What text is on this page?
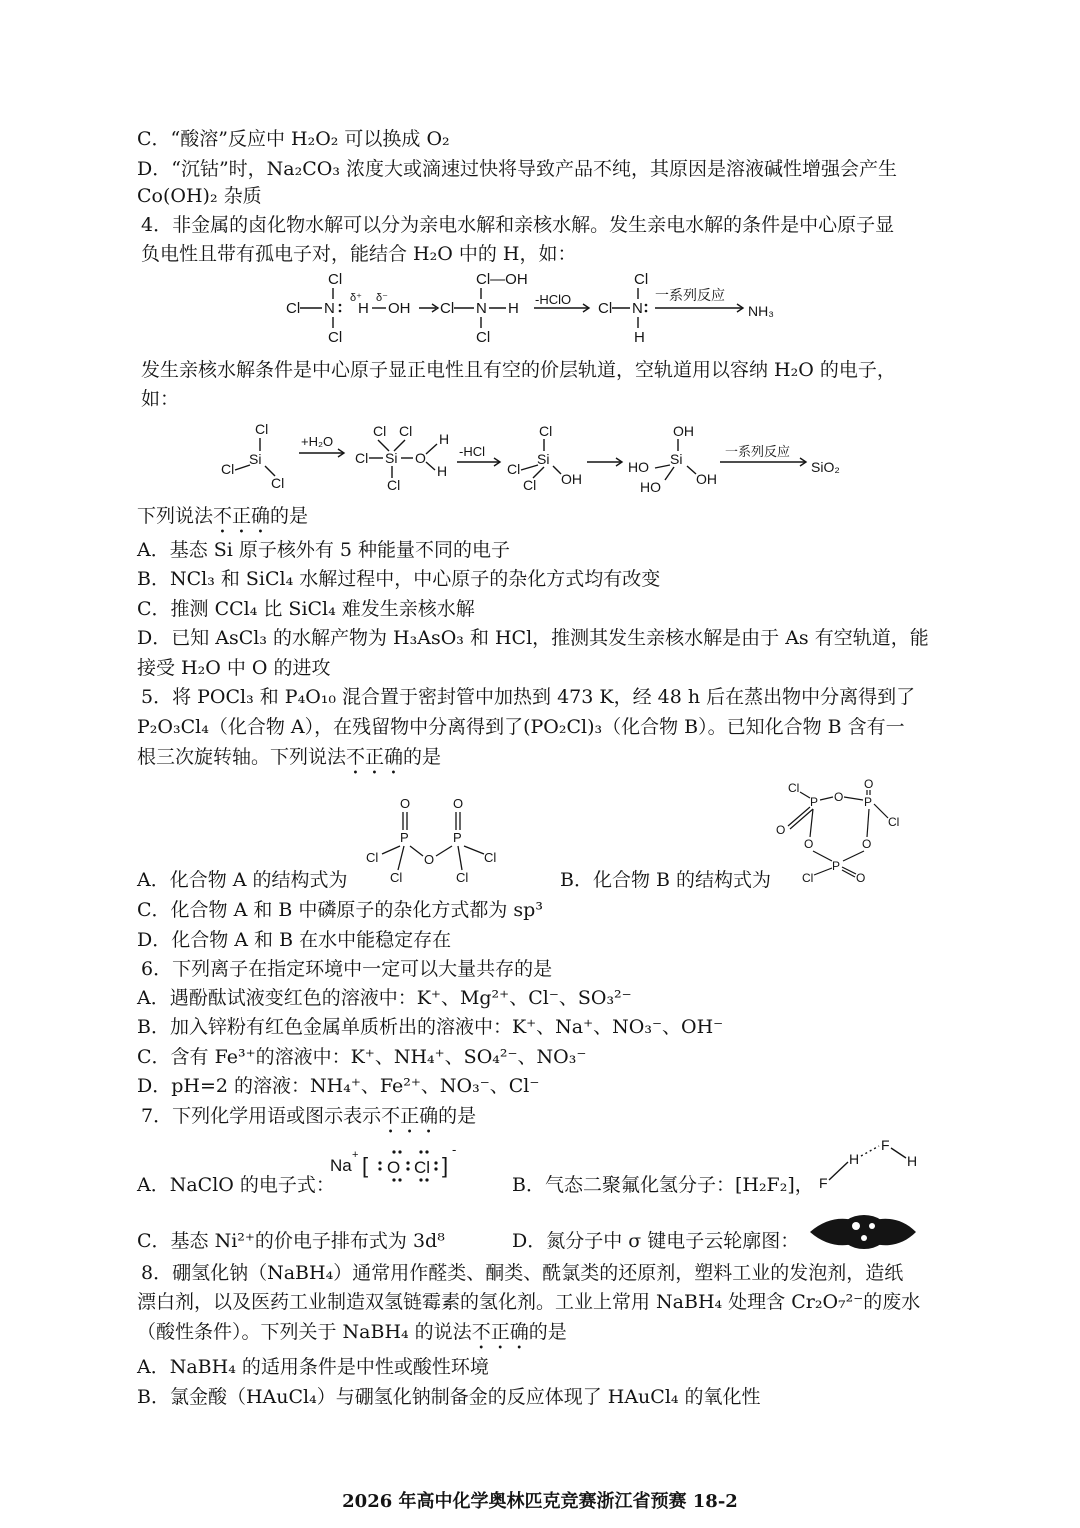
C．“酸溶”反应中 H₂O₂ 可以换成 O₂
D．“沉钴”时，Na₂CO₃ 浓度大或滴速过快将导致产品不纯，其原因是溶液碱性增强会产生
Co(OH)₂ 杂质
4．非金属的卤化物水解可以分为亲电水解和亲核水解。发生亲电水解的条件是中心原子显
负电性且带有孤电子对，能结合 H₂O 中的 H，如：
Cl
Cl N
Cl
δ⁺ δ⁻
H OH
Cl—OH
Cl N H
Cl
-HClO
Cl N
Cl
H
一系列反应
NH₃
发生亲核水解条件是中心原子显正电性且有空的价层轨道，空轨道用以容纳 H₂O 的电子，
如：
Cl
Si
Cl
Cl
+H₂O
Cl Cl
Cl Si O
H
H
Cl
-HCl
Cl
Si
Cl
Cl OH
OH
Si
HO
HO	OH
一系列反应
SiO₂
下列说法不正确的是
A．基态 Si 原子核外有 5 种能量不同的电子
B．NCl₃ 和 SiCl₄ 水解过程中，中心原子的杂化方式均有改变
C．推测 CCl₄ 比 SiCl₄ 难发生亲核水解
D．已知 AsCl₃ 的水解产物为 H₃AsO₃ 和 HCl，推测其发生亲核水解是由于 As 有空轨道，能
接受 H₂O 中 O 的进攻
5．将 POCl₃ 和 P₄O₁₀ 混合置于密封管中加热到 473 K，经 48 h 后在蒸出物中分离得到了
P₂O₃Cl₄（化合物 A），在残留物中分离得到了(PO₂Cl)₃（化合物 B）。已知化合物 B 含有一
根三次旋转轴。下列说法不正确的是
O	O
P	P
Cl
Cl
O	Cl
Cl
Cl	O
P O P
Cl
O
O	O
P
Cl	O
A．化合物 A 的结构式为	B．化合物 B 的结构式为
C．化合物 A 和 B 中磷原子的杂化方式都为 sp³
D．化合物 A 和 B 在水中能稳定存在
6．下列离子在指定环境中一定可以大量共存的是
A．遇酚酞试液变红色的溶液中：K⁺、Mg²⁺、Cl⁻、SO₃²⁻
B．加入锌粉有红色金属单质析出的溶液中：K⁺、Na⁺、NO₃⁻、OH⁻
C．含有 Fe³⁺的溶液中：K⁺、NH₄⁺、SO₄²⁻、NO₃⁻
D．pH=2 的溶液：NH₄⁺、Fe²⁺、NO₃⁻、Cl⁻
7．下列化学用语或图示表示不正确的是
A．NaClO 的电子式：
Na
+ [ O Cl ]
-
B．气态二聚氟化氢分子：[H₂F₂]， F
H
F
H
C．基态 Ni²⁺的价电子排布式为 3d⁸	D．氮分子中 σ 键电子云轮廓图：
8．硼氢化钠（NaBH₄）通常用作醛类、酮类、酰氯类的还原剂，塑料工业的发泡剂，造纸
漂白剂，以及医药工业制造双氢链霉素的氢化剂。工业上常用 NaBH₄ 处理含 Cr₂O₇²⁻的废水
（酸性条件）。下列关于 NaBH₄ 的说法不正确的是
A．NaBH₄ 的适用条件是中性或酸性环境
B．氯金酸（HAuCl₄）与硼氢化钠制备金的反应体现了 HAuCl₄ 的氧化性
2026 年高中化学奥林匹克竞赛浙江省预赛 18-2
